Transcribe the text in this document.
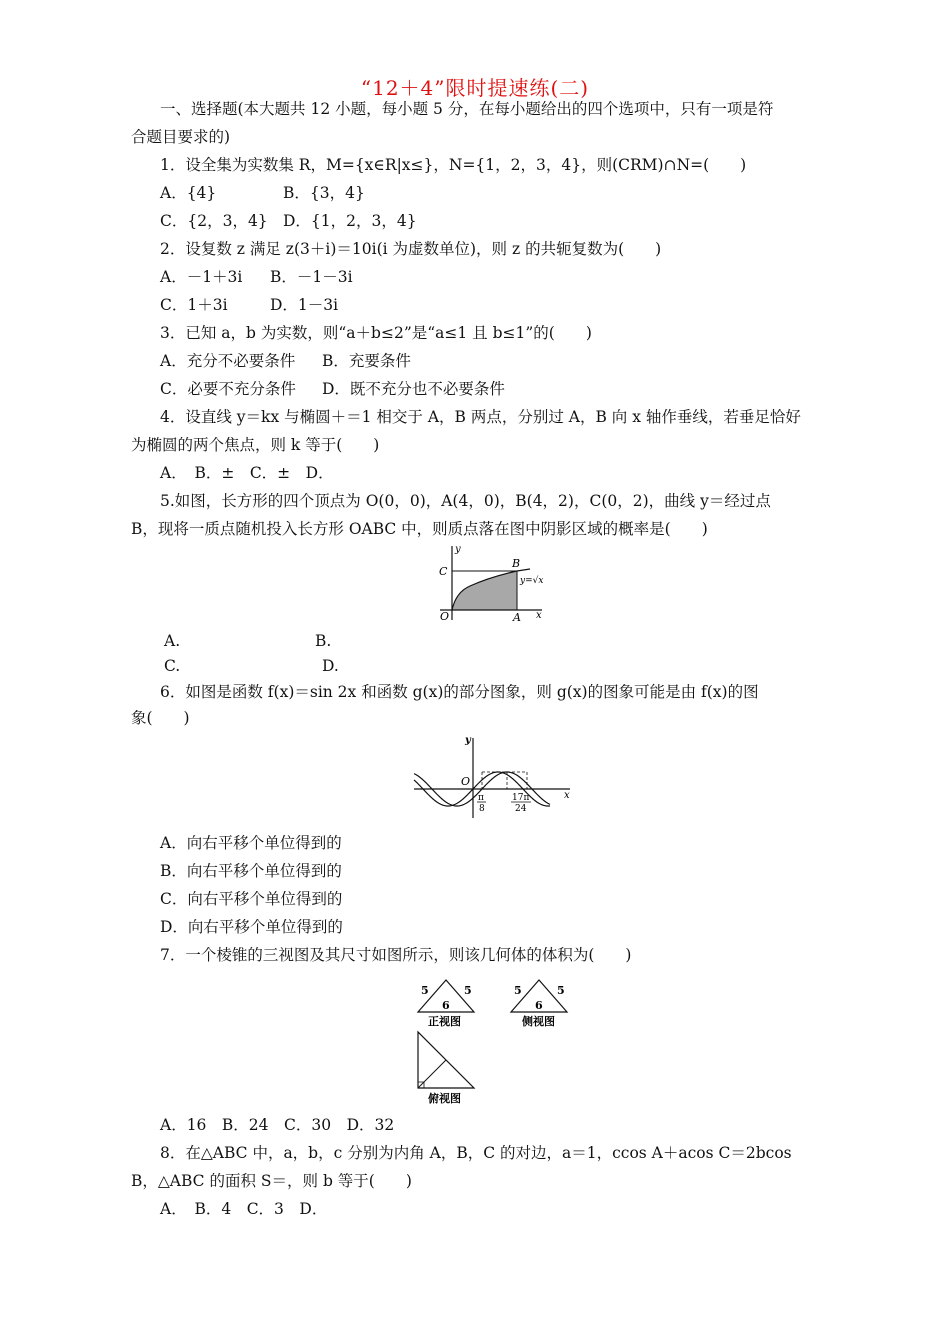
“12＋4”限时提速练(二)
一、选择题(本大题共 12 小题，每小题 5 分，在每小题给出的四个选项中，只有一项是符
合题目要求的)
1．设全集为实数集 R，M={x∈R|x≤}，N={1，2，3，4}，则(CRM)∩N=(　　)
A．{4}	B．{3，4}
C．{2，3，4} D．{1，2，3，4}
2．设复数 z 满足 z(3＋i)＝10i(i 为虚数单位)，则 z 的共轭复数为(　　)
A．－1＋3i B．－1－3i
C．1＋3i	D．1－3i
3．已知 a，b 为实数，则“a＋b≤2”是“a≤1 且 b≤1”的(　　)
A．充分不必要条件 B．充要条件
C．必要不充分条件 D．既不充分也不必要条件
4．设直线 y＝kx 与椭圆＋＝1 相交于 A，B 两点，分别过 A，B 向 x 轴作垂线，若垂足恰好
为椭圆的两个焦点，则 k 等于(　　)
A．　B．±　C．±　D．
5.如图，长方形的四个顶点为 O(0，0)，A(4，0)，B(4，2)，C(0，2)，曲线 y＝经过点
B，现将一质点随机投入长方形 OABC 中，则质点落在图中阴影区域的概率是(　　)
y
x
C
B
O	A
y=√x
A.	B.
C.	D.
6．如图是函数 f(x)＝sin 2x 和函数 g(x)的部分图象，则 g(x)的图象可能是由 f(x)的图
象(　　)
y
x
O
π
8
17π
24
A．向右平移个单位得到的
B．向右平移个单位得到的
C．向右平移个单位得到的
D．向右平移个单位得到的
7．一个棱锥的三视图及其尺寸如图所示，则该几何体的体积为(　　)
5	5
6
正视图
5	5
6
侧视图
俯视图
A．16　B．24　C．30　D．32
8．在△ABC 中，a，b，c 分别为内角 A，B，C 的对边，a＝1，ccos A＋acos C＝2bcos
B，△ABC 的面积 S＝，则 b 等于(　　)
A．　B．4　C．3　D．
